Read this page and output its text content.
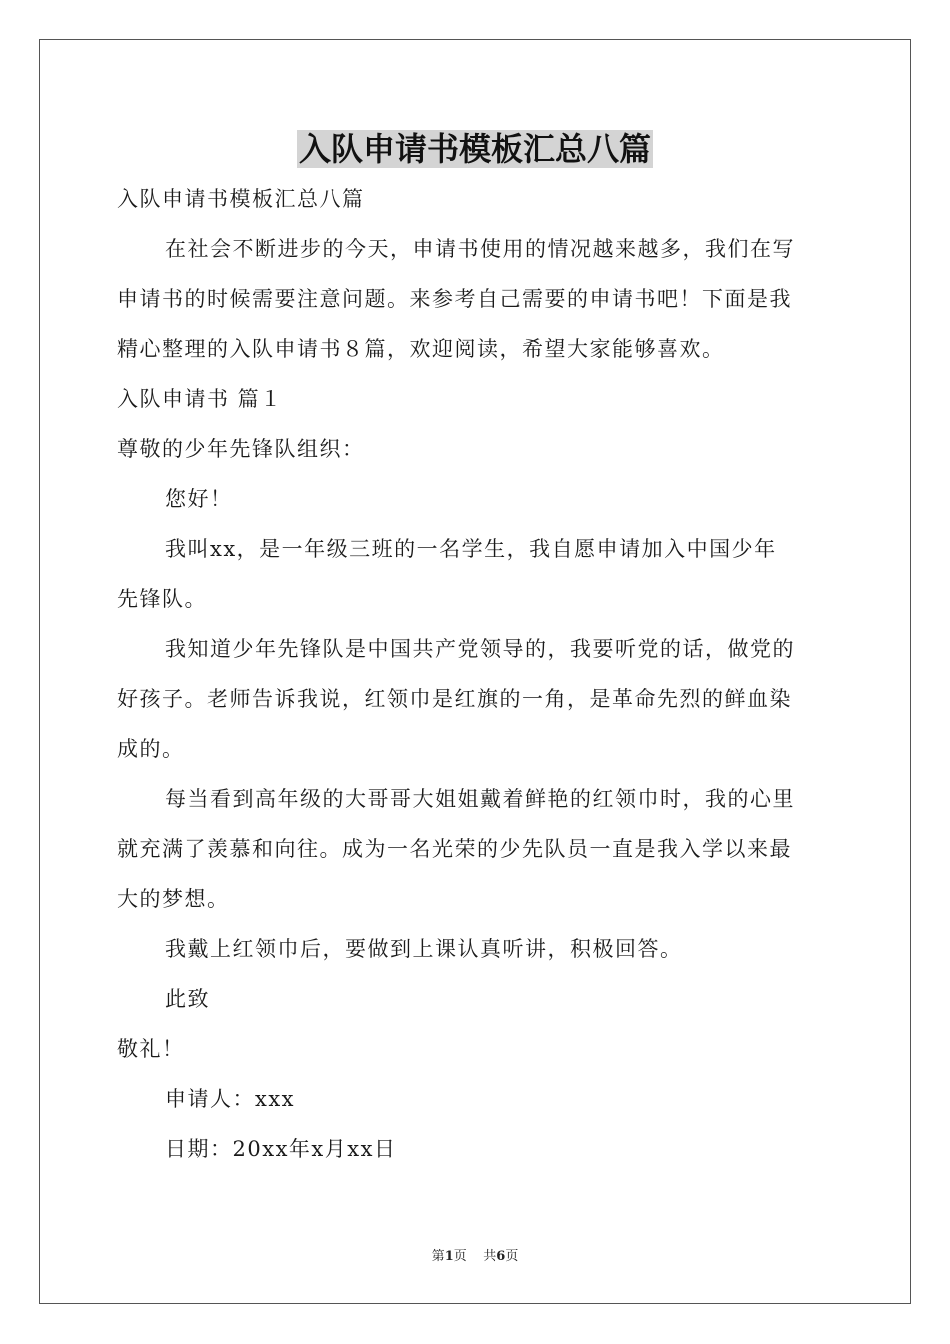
入队申请书模板汇总八篇
入队申请书模板汇总八篇
在社会不断进步的今天，申请书使用的情况越来越多，我们在写
申请书的时候需要注意问题。来参考自己需要的申请书吧！下面是我
精心整理的入队申请书８篇，欢迎阅读，希望大家能够喜欢。
入队申请书 篇１
尊敬的少年先锋队组织：
您好！
我叫xx，是一年级三班的一名学生，我自愿申请加入中国少年
先锋队。
我知道少年先锋队是中国共产党领导的，我要听党的话，做党的
好孩子。老师告诉我说，红领巾是红旗的一角，是革命先烈的鲜血染
成的。
每当看到高年级的大哥哥大姐姐戴着鲜艳的红领巾时，我的心里
就充满了羡慕和向往。成为一名光荣的少先队员一直是我入学以来最
大的梦想。
我戴上红领巾后，要做到上课认真听讲，积极回答。
此致
敬礼！
申请人：xxx
日期：20xx年x月xx日
第1页    共6页
